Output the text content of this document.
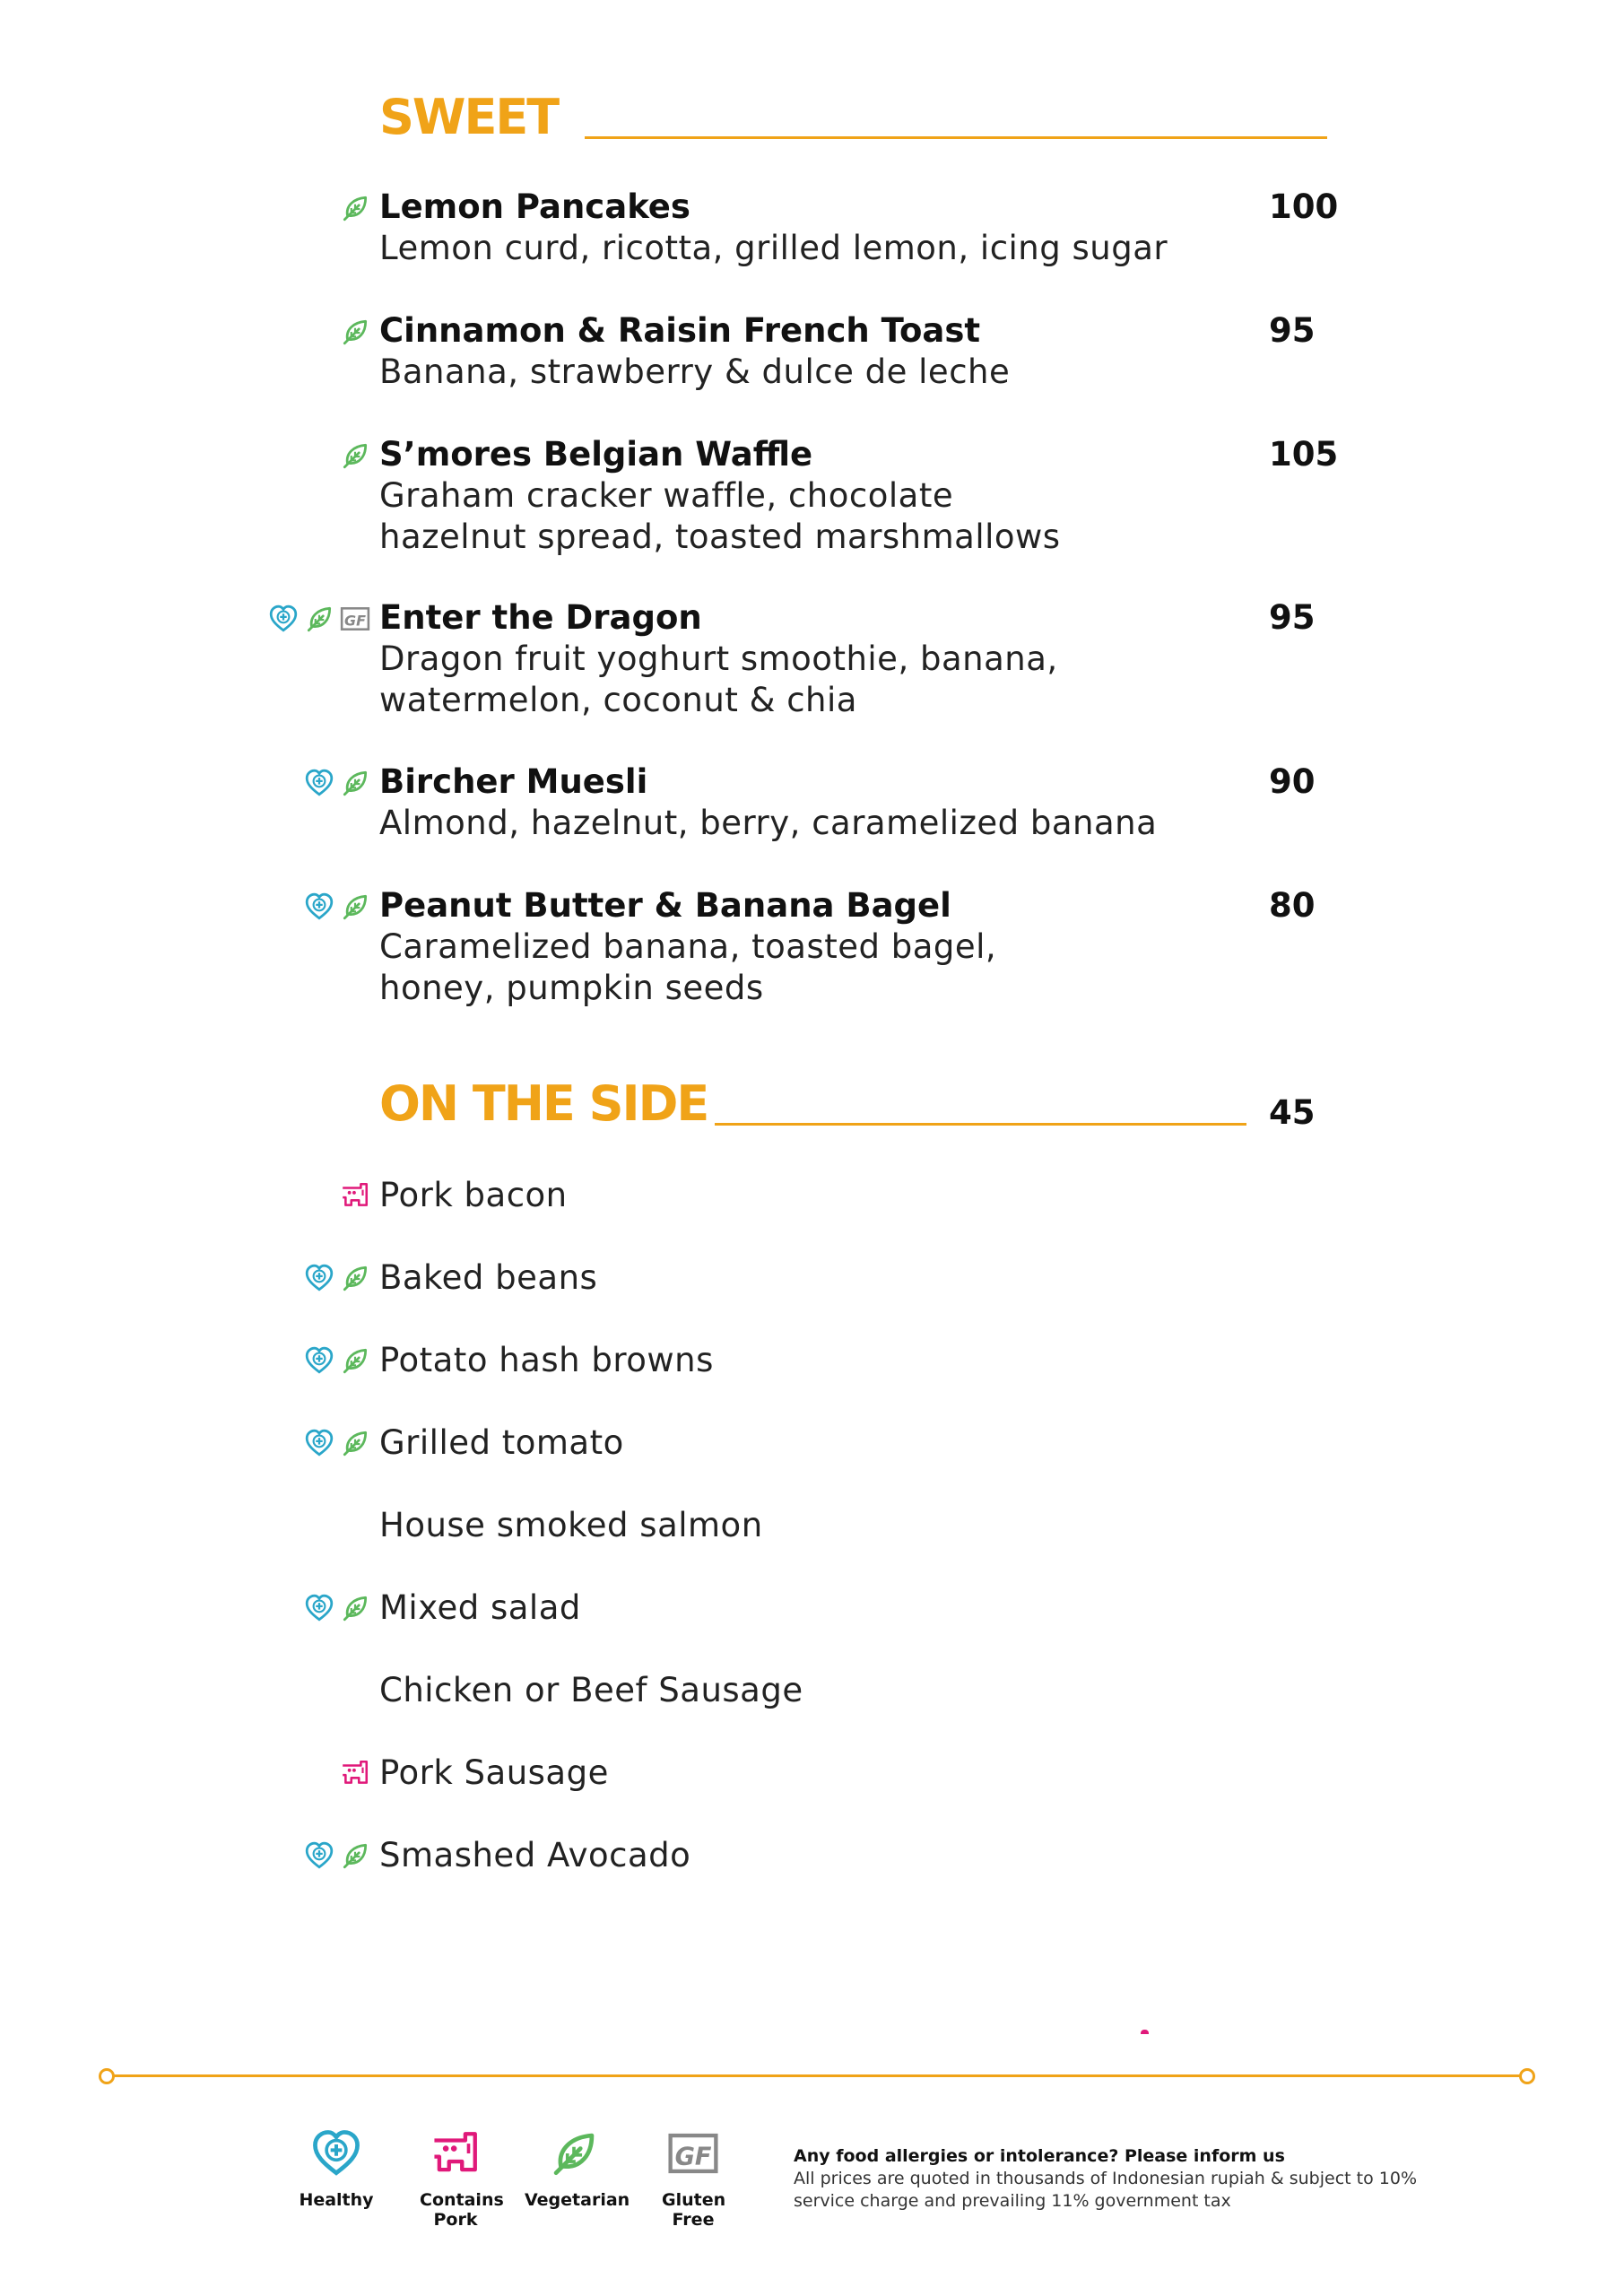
SWEET
Lemon Pancakes
Lemon curd, ricotta, grilled lemon, icing sugar
100
Cinnamon & Raisin French Toast
Banana, strawberry & dulce de leche
95
S’mores Belgian Waffle
Graham cracker waffle, chocolate hazelnut spread, toasted marshmallows
105
Enter the Dragon
Dragon fruit yoghurt smoothie, banana, watermelon, coconut & chia
95
Bircher Muesli
Almond, hazelnut, berry, caramelized banana
90
Peanut Butter & Banana Bagel
Caramelized banana, toasted bagel, honey, pumpkin seeds
80
ON THE SIDE	45
Pork bacon
Baked beans
Potato hash browns
Grilled tomato
House smoked salmon
Mixed salad
Chicken or Beef Sausage
Pork Sausage
Smashed Avocado
Healthy	Contains Pork
Vegetarian
GF
Gluten Free
Any food allergies or intolerance? Please inform us
All prices are quoted in thousands of Indonesian rupiah & subject to 10% service charge and prevailing 11% government tax
